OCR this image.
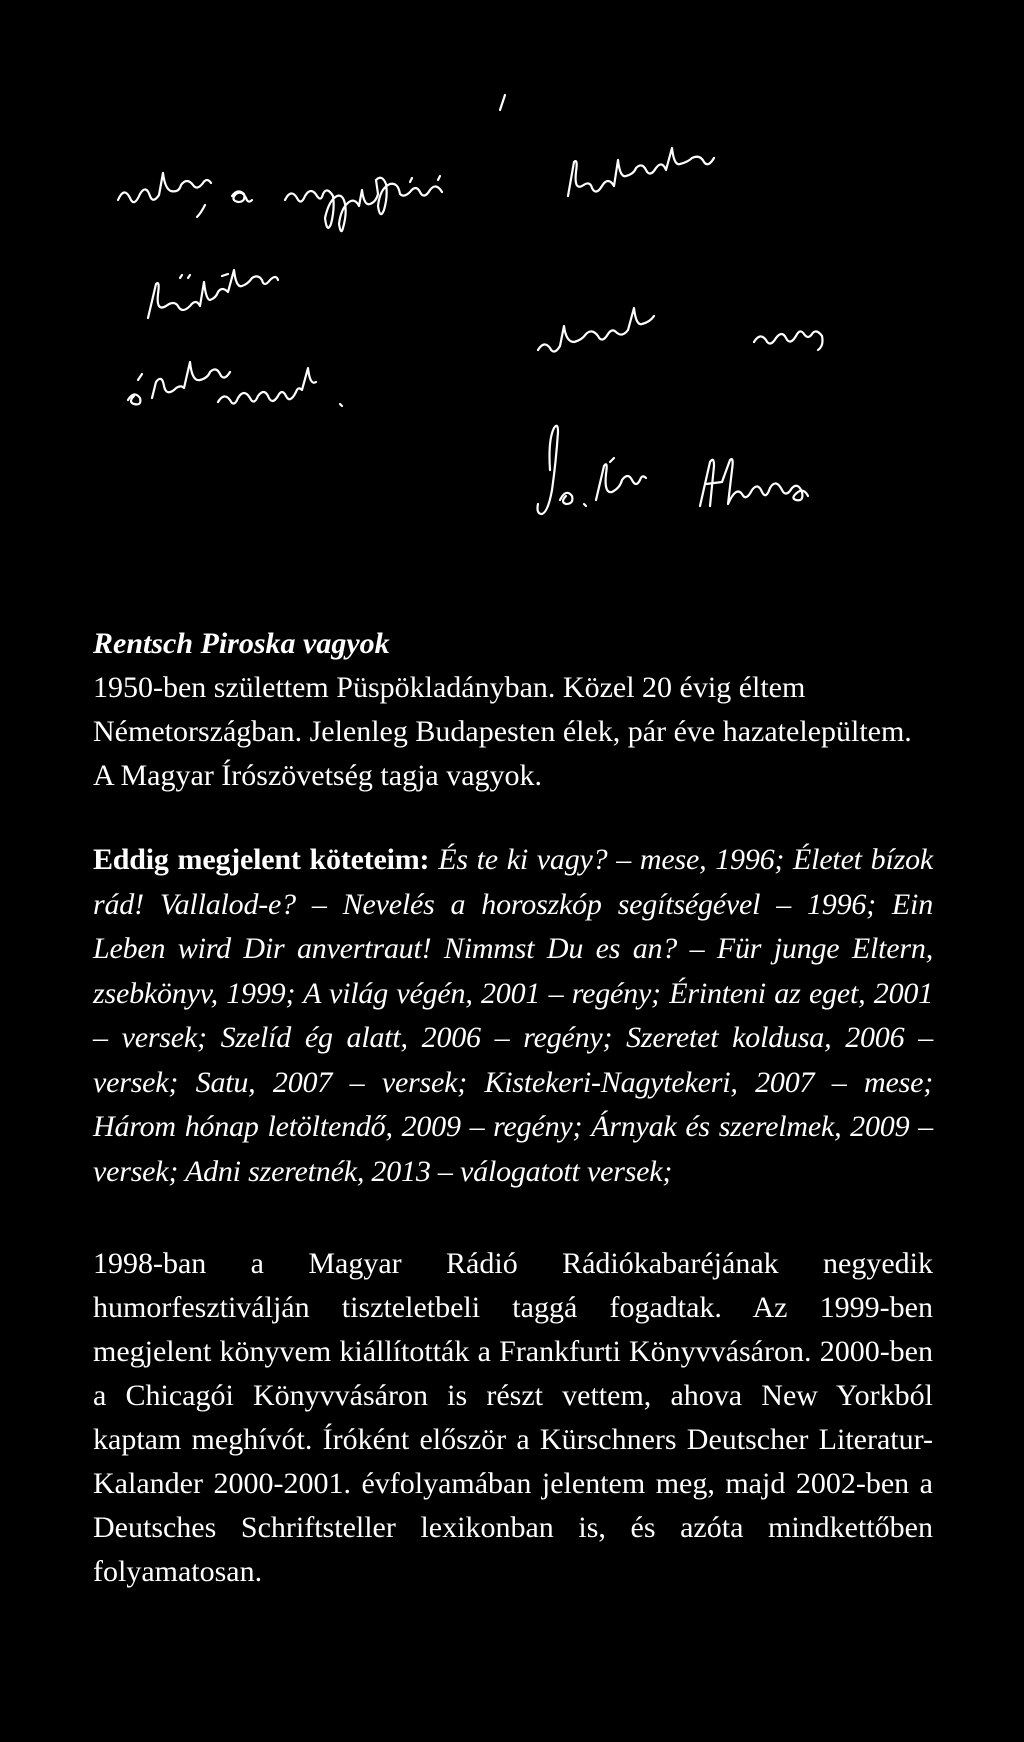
Rentsch Piroska vagyok

1950-ben születtem Püspökladányban. Közel 20 évig éltem Németországban. Jelenleg Budapesten élek, pár éve hazatelepültem. A Magyar Írószövetség tagja vagyok.

Eddig megjelent köteteim: És te ki vagy? – mese, 1996; Életet bízok rád! Vallalod-e? – Nevelés a horoszkóp segítségével – 1996; Ein Leben wird Dir anvertraut! Nimmst Du es an? – Für junge Eltern, zsebkönyv, 1999; A világ végén, 2001 – regény; Érinteni az eget, 2001 – versek; Szelíd ég alatt, 2006 – regény; Szeretet koldusa, 2006 – versek; Satu, 2007 – versek; Kistekeri-Nagytekeri, 2007 – mese; Három hónap letöltendő, 2009 – regény; Árnyak és szerelmek, 2009 – versek; Adni szeretnék, 2013 – válogatott versek;

1998-ban a Magyar Rádió Rádiókabaréjának negyedik humorfesztiválján tiszteletbeli taggá fogadtak. Az 1999-ben megjelent könyvem kiállították a Frankfurti Könyvvásáron. 2000-ben a Chicagói Könyvvásáron is részt vettem, ahova New Yorkból kaptam meghívót. Íróként először a Kürschners Deutscher Literatur-Kalander 2000-2001. évfolyamában jelentem meg, majd 2002-ben a Deutsches Schriftsteller lexikonban is, és azóta mindkettőben folyamatosan.
